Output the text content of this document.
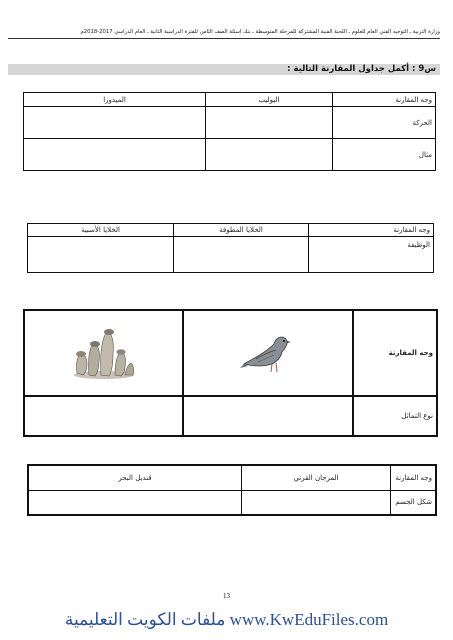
وزارة التربية ـ التوجيه الفني العام للعلوم ـ اللجنة الفنية المشتركة للمرحلة المتوسطة ـ بنك أسئلة الصف الثامن للفترة الدراسية الثانية ـ العام الدراسي 2017-2018م
س9 : أكمل جداول المقارنة التالية :
وجه المقارنة	البوليب	الميدوزا
الحركة		
مثال		
وجه المقارنة	الخلايا المطوقة	الخلايا الأسبية
الوظيفة		
وجه المقارنة		
نوع التماثل		
وجه المقارنة	المرجان القرني	قنديل البحر
شكل الجسم		
13
ملفات الكويت التعليمية www.KwEduFiles.com
